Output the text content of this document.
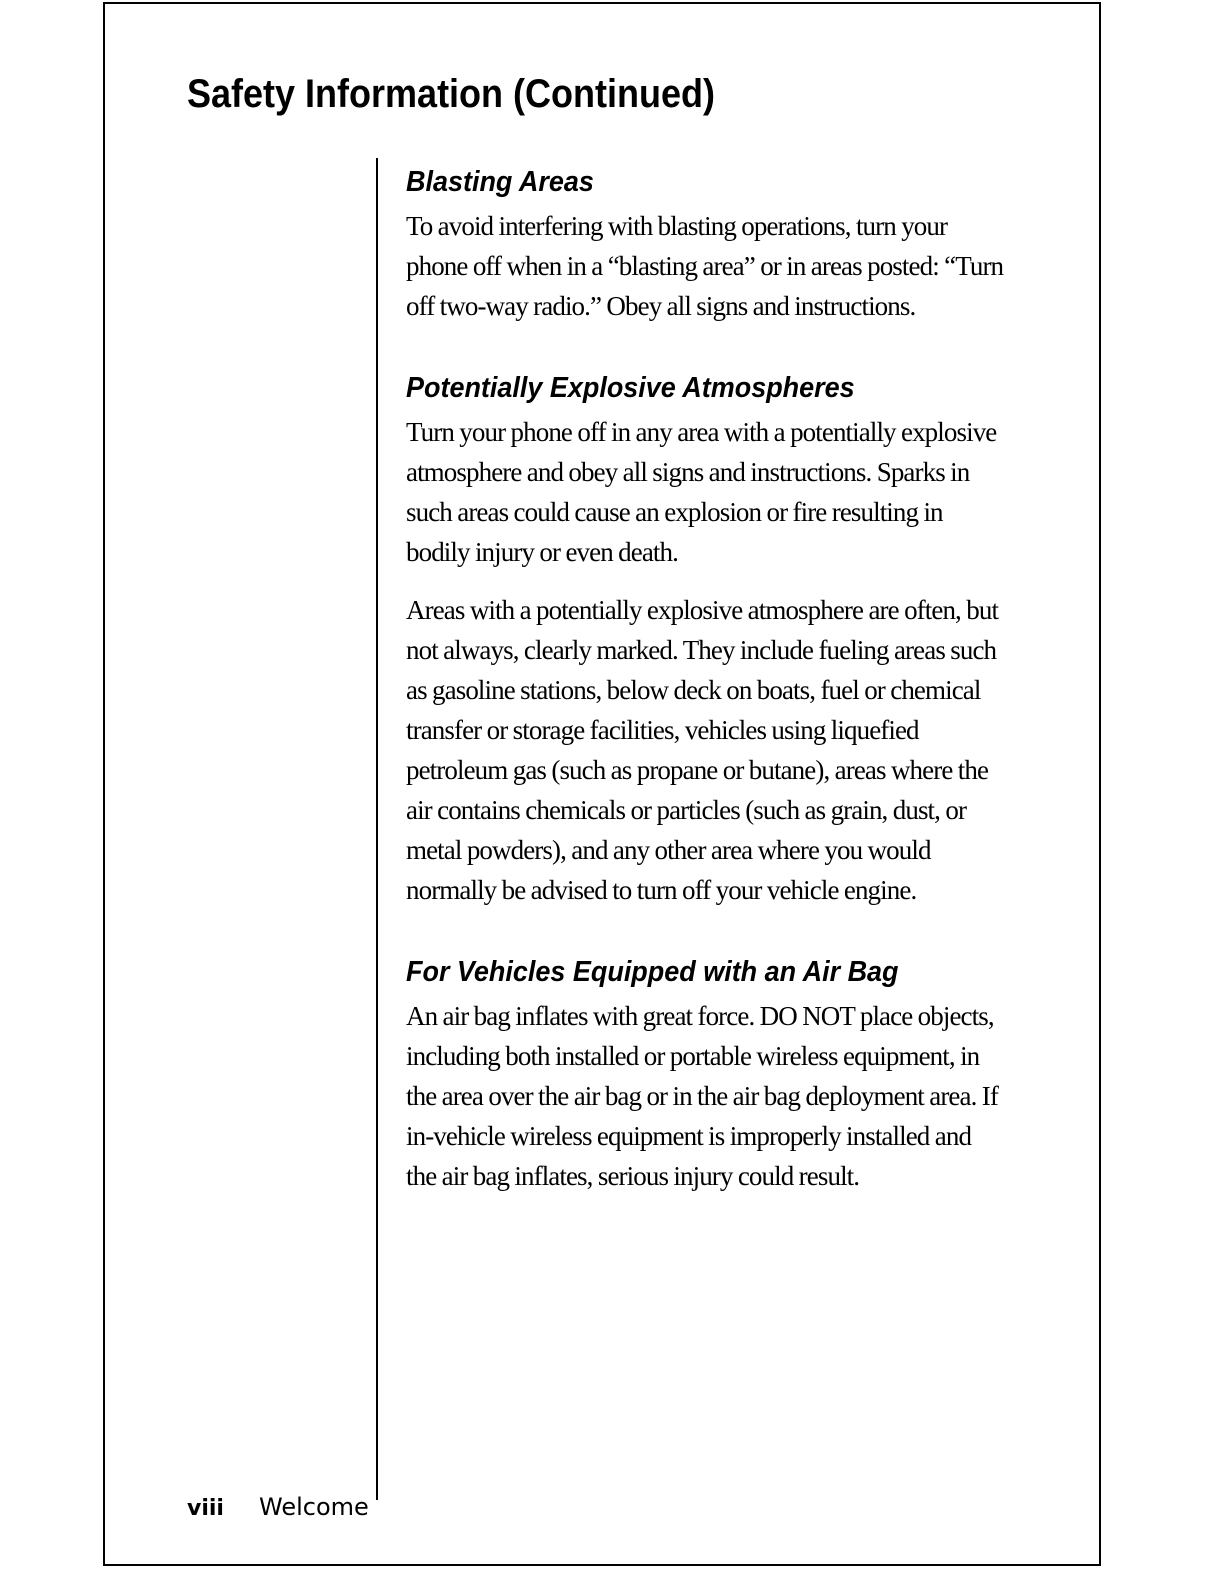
Safety Information (Continued)
Blasting Areas

To avoid interfering with blasting operations, turn your phone off when in a “blasting area” or in areas posted: “Turn off two-way radio.” Obey all signs and instructions.

Potentially Explosive Atmospheres

Turn your phone off in any area with a potentially explosive atmosphere and obey all signs and instructions. Sparks in such areas could cause an explosion or fire resulting in bodily injury or even death.

Areas with a potentially explosive atmosphere are often, but not always, clearly marked. They include fueling areas such as gasoline stations, below deck on boats, fuel or chemical transfer or storage facilities, vehicles using liquefied petroleum gas (such as propane or butane), areas where the air contains chemicals or particles (such as grain, dust, or metal powders), and any other area where you would normally be advised to turn off your vehicle engine.

For Vehicles Equipped with an Air Bag

An air bag inflates with great force. DO NOT place objects, including both installed or portable wireless equipment, in the area over the air bag or in the air bag deployment area. If in-vehicle wireless equipment is improperly installed and the air bag inflates, serious injury could result.

viii Welcome
